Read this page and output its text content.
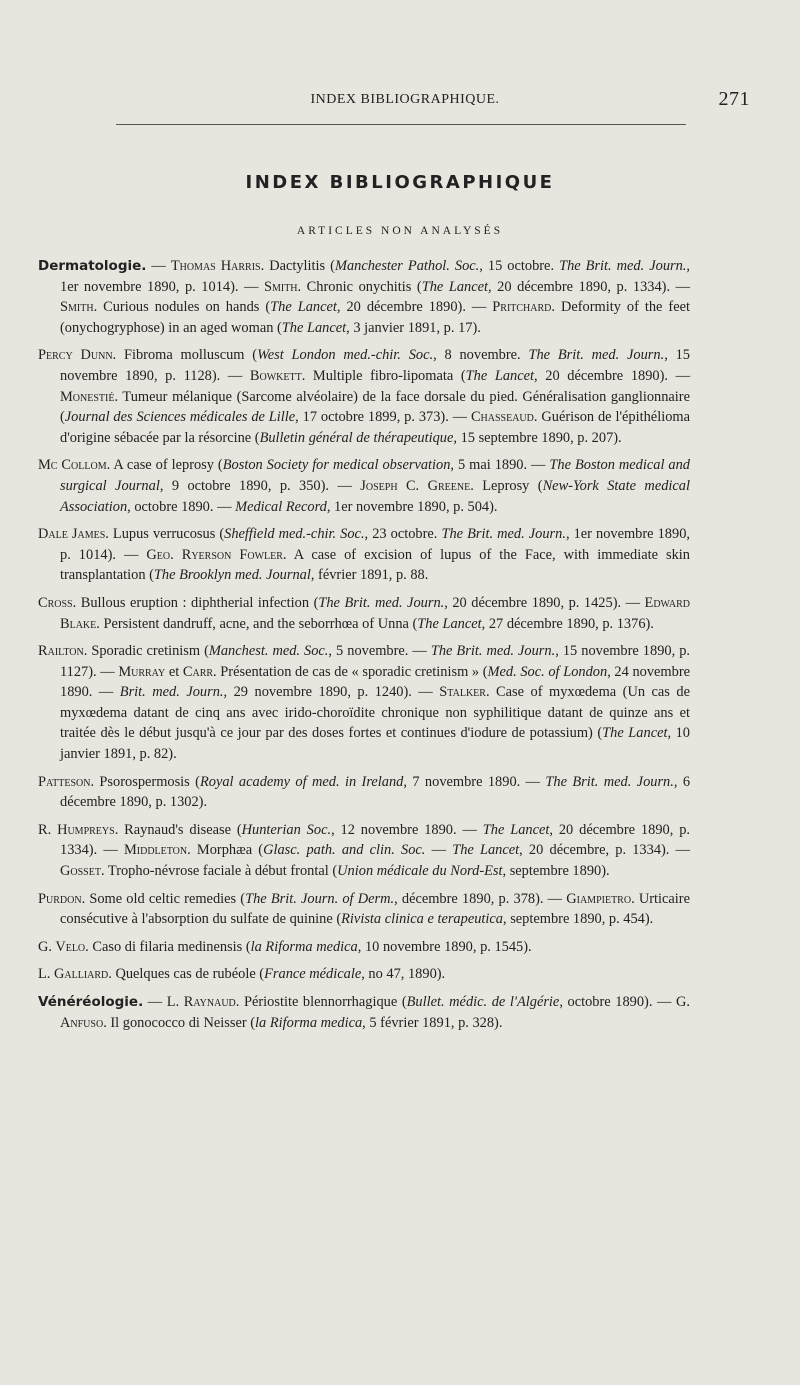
INDEX BIBLIOGRAPHIQUE.	271
INDEX BIBLIOGRAPHIQUE
ARTICLES NON ANALYSÉS

Dermatologie. — Thomas Harris. Dactylitis (Manchester Pathol. Soc., 15 octobre. The Brit. med. Journ., 1er novembre 1890, p. 1014). — Smith. Chronic onychitis (The Lancet, 20 décembre 1890, p. 1334). — Smith. Curious nodules on hands (The Lancet, 20 décembre 1890). — Pritchard. Deformity of the feet (onychogryphose) in an aged woman (The Lancet, 3 janvier 1891, p. 17).

Percy Dunn. Fibroma molluscum (West London med.-chir. Soc., 8 novembre. The Brit. med. Journ., 15 novembre 1890, p. 1128). — Bowkett. Multiple fibro-lipomata (The Lancet, 20 décembre 1890). — Monestié. Tumeur mélanique (Sarcome alvéolaire) de la face dorsale du pied. Généralisation ganglionnaire (Journal des Sciences médicales de Lille, 17 octobre 1899, p. 373). — Chasseaud. Guérison de l'épithélioma d'origine sébacée par la résorcine (Bulletin général de thérapeutique, 15 septembre 1890, p. 207).

Mc Collom. A case of leprosy (Boston Society for medical observation, 5 mai 1890. — The Boston medical and surgical Journal, 9 octobre 1890, p. 350). — Joseph C. Greene. Leprosy (New-York State medical Association, octobre 1890. — Medical Record, 1er novembre 1890, p. 504).

Dale James. Lupus verrucosus (Sheffield med.-chir. Soc., 23 octobre. The Brit. med. Journ., 1er novembre 1890, p. 1014). — Geo. Ryerson Fowler. A case of excision of lupus of the Face, with immediate skin transplantation (The Brooklyn med. Journal, février 1891, p. 88.

Cross. Bullous eruption : diphtherial infection (The Brit. med. Journ., 20 décembre 1890, p. 1425). — Edward Blake. Persistent dandruff, acne, and the seborrhœa of Unna (The Lancet, 27 décembre 1890, p. 1376).

Railton. Sporadic cretinism (Manchest. med. Soc., 5 novembre. — The Brit. med. Journ., 15 novembre 1890, p. 1127). — Murray et Carr. Présentation de cas de « sporadic cretinism » (Med. Soc. of London, 24 novembre 1890. — Brit. med. Journ., 29 novembre 1890, p. 1240). — Stalker. Case of myxœdema (Un cas de myxœdema datant de cinq ans avec irido-choroïdite chronique non syphilitique datant de quinze ans et traitée dès le début jusqu'à ce jour par des doses fortes et continues d'iodure de potassium) (The Lancet, 10 janvier 1891, p. 82).

Patteson. Psorospermosis (Royal academy of med. in Ireland, 7 novembre 1890. — The Brit. med. Journ., 6 décembre 1890, p. 1302).

R. Humpreys. Raynaud's disease (Hunterian Soc., 12 novembre 1890. — The Lancet, 20 décembre 1890, p. 1334). — Middleton. Morphæa (Glasc. path. and clin. Soc. — The Lancet, 20 décembre, p. 1334). — Gosset. Tropho-névrose faciale à début frontal (Union médicale du Nord-Est, septembre 1890).

Purdon. Some old celtic remedies (The Brit. Journ. of Derm., décembre 1890, p. 378). — Giampietro. Urticaire consécutive à l'absorption du sulfate de quinine (Rivista clinica e terapeutica, septembre 1890, p. 454).

G. Velo. Caso di filaria medinensis (la Riforma medica, 10 novembre 1890, p. 1545).

L. Galliard. Quelques cas de rubéole (France médicale, no 47, 1890).

Vénéréologie. — L. Raynaud. Périostite blennorrhagique (Bullet. médic. de l'Algérie, octobre 1890). — G. Anfuso. Il gonococco di Neisser (la Riforma medica, 5 février 1891, p. 328).
